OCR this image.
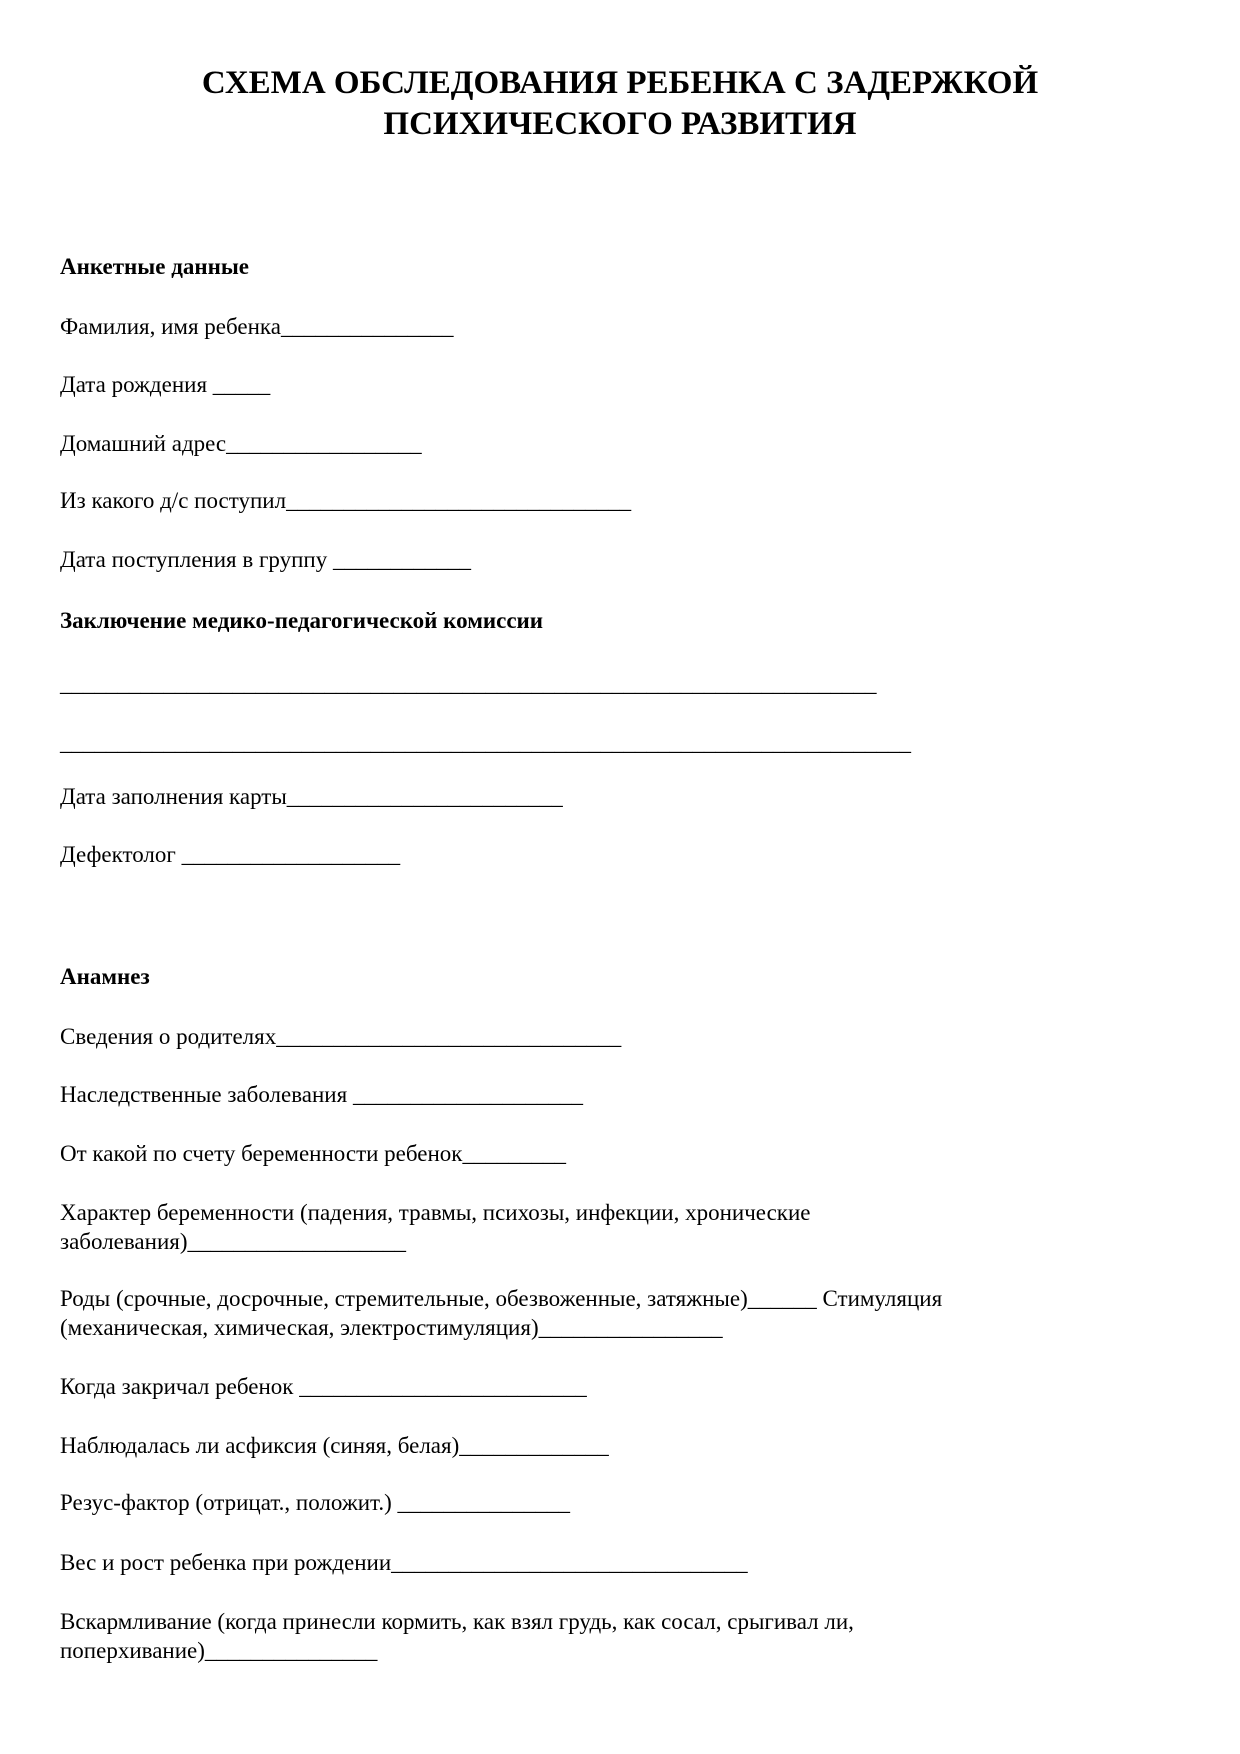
СХЕМА ОБСЛЕДОВАНИЯ РЕБЕНКА С ЗАДЕРЖКОЙ
ПСИХИЧЕСКОГО РАЗВИТИЯ
Анкетные данные
Фамилия, имя ребенка_______________
Дата рождения _____
Домашний адрес_________________
Из какого д/с поступил______________________________
Дата поступления в группу ____________
Заключение медико-педагогической комиссии
_______________________________________________________________________
__________________________________________________________________________
Дата заполнения карты________________________
Дефектолог ___________________
Анамнез
Сведения о родителях______________________________
Наследственные заболевания ____________________
От какой по счету беременности ребенок_________
Характер беременности (падения, травмы, психозы, инфекции, хронические
заболевания)___________________
Роды (срочные, досрочные, стремительные, обезвоженные, затяжные)______ Стимуляция
(механическая, химическая, электростимуляция)________________
Когда закричал ребенок _________________________
Наблюдалась ли асфиксия (синяя, белая)_____________
Резус-фактор (отрицат., положит.) _______________
Вес и рост ребенка при рождении_______________________________
Вскармливание (когда принесли кормить, как взял грудь, как сосал, срыгивал ли,
поперхивание)_______________
